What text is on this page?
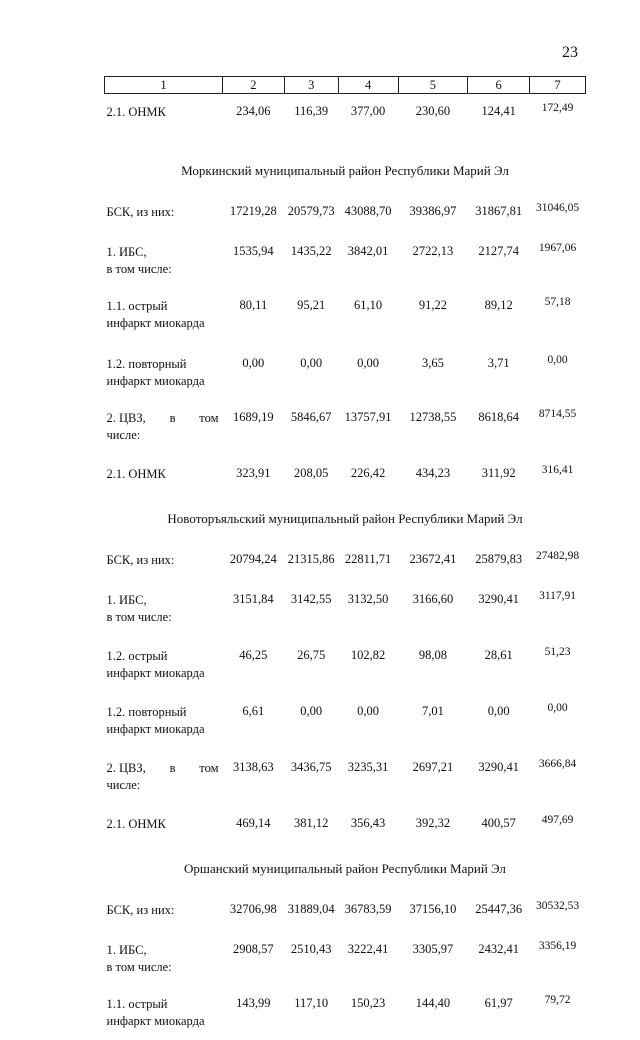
23
1	2	3	4	5	6	7

2.1. ОНМК	234,06	116,39	377,00	230,60	124,41	172,49
Моркинский муниципальный район Республики Марий Эл						

БСК, из них:	17219,28	20579,73	43088,70	39386,97	31867,81	31046,05

1. ИБС,
в том числе:	1535,94	1435,22	3842,01	2722,13	2127,74	1967,06

1.1. острый
инфаркт миокарда	80,11	95,21	61,10	91,22	89,12	57,18

1.2. повторный
инфаркт миокарда	0,00	0,00	0,00	3,65	3,71	0,00

2. ЦВЗ, в том
числе:	1689,19	5846,67	13757,91	12738,55	8618,64	8714,55

2.1. ОНМК	323,91	208,05	226,42	434,23	311,92	316,41
Новоторъяльский муниципальный район Республики Марий Эл						

БСК, из них:	20794,24	21315,86	22811,71	23672,41	25879,83	27482,98

1. ИБС,
в том числе:	3151,84	3142,55	3132,50	3166,60	3290,41	3117,91

1.2. острый
инфаркт миокарда	46,25	26,75	102,82	98,08	28,61	51,23

1.2. повторный
инфаркт миокарда	6,61	0,00	0,00	7,01	0,00	0,00

2. ЦВЗ, в том
числе:	3138,63	3436,75	3235,31	2697,21	3290,41	3666,84

2.1. ОНМК	469,14	381,12	356,43	392,32	400,57	497,69
Оршанский муниципальный район Республики Марий Эл						

БСК, из них:	32706,98	31889,04	36783,59	37156,10	25447,36	30532,53

1. ИБС,
в том числе:	2908,57	2510,43	3222,41	3305,97	2432,41	3356,19

1.1. острый
инфаркт миокарда	143,99	117,10	150,23	144,40	61,97	79,72
